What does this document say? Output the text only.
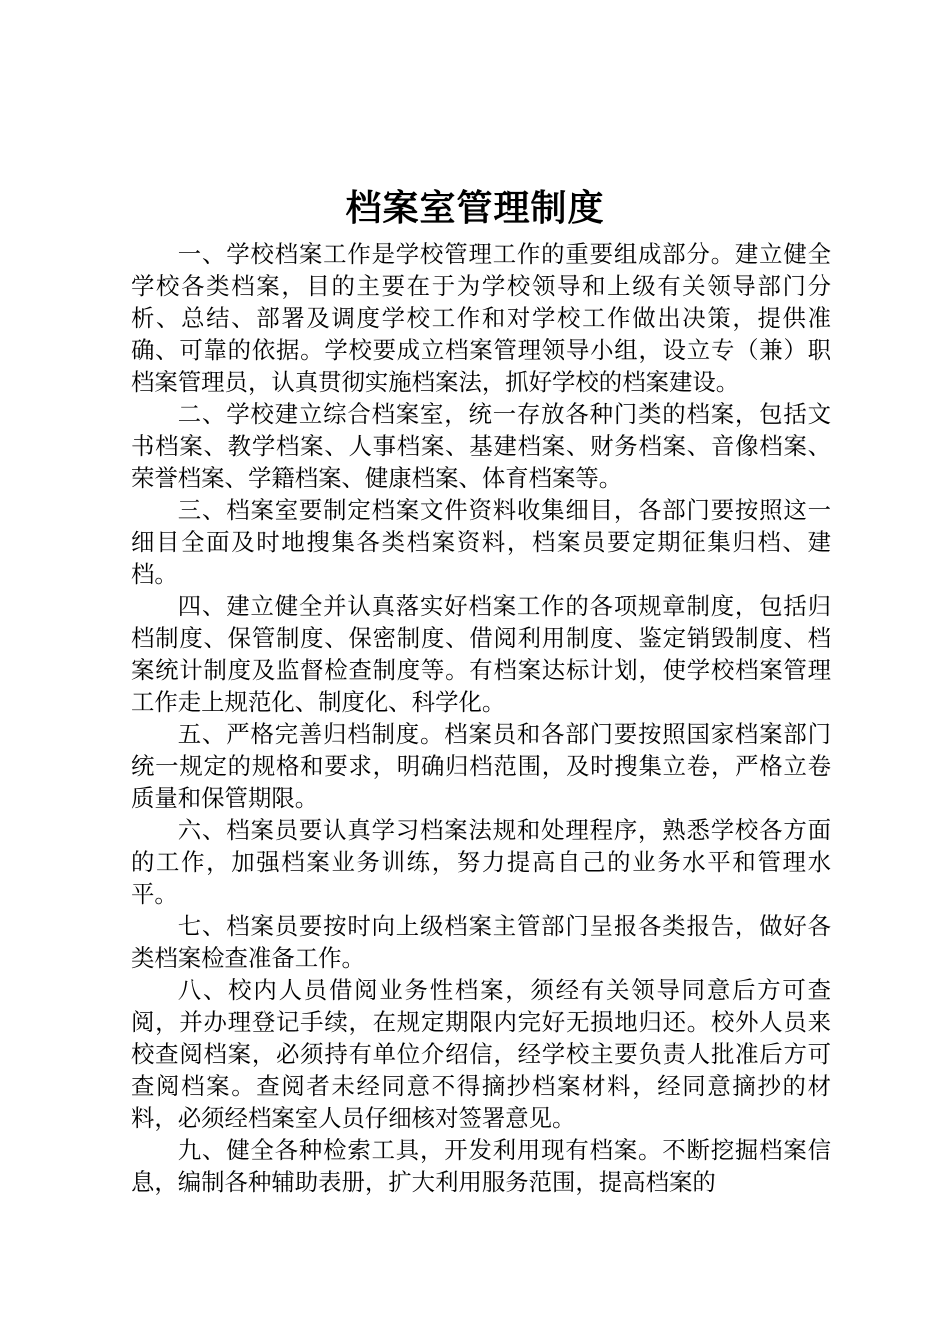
档案室管理制度

一、学校档案工作是学校管理工作的重要组成部分。建立健全学校各类档案，目的主要在于为学校领导和上级有关领导部门分析、总结、部署及调度学校工作和对学校工作做出决策，提供准确、可靠的依据。学校要成立档案管理领导小组，设立专（兼）职档案管理员，认真贯彻实施档案法，抓好学校的档案建设。

二、学校建立综合档案室，统一存放各种门类的档案，包括文书档案、教学档案、人事档案、基建档案、财务档案、音像档案、荣誉档案、学籍档案、健康档案、体育档案等。

三、档案室要制定档案文件资料收集细目，各部门要按照这一细目全面及时地搜集各类档案资料，档案员要定期征集归档、建档。

四、建立健全并认真落实好档案工作的各项规章制度，包括归档制度、保管制度、保密制度、借阅利用制度、鉴定销毁制度、档案统计制度及监督检查制度等。有档案达标计划，使学校档案管理工作走上规范化、制度化、科学化。

五、严格完善归档制度。档案员和各部门要按照国家档案部门统一规定的规格和要求，明确归档范围，及时搜集立卷，严格立卷质量和保管期限。

六、档案员要认真学习档案法规和处理程序，熟悉学校各方面的工作，加强档案业务训练，努力提高自己的业务水平和管理水平。

七、档案员要按时向上级档案主管部门呈报各类报告，做好各类档案检查准备工作。

八、校内人员借阅业务性档案，须经有关领导同意后方可查阅，并办理登记手续，在规定期限内完好无损地归还。校外人员来校查阅档案，必须持有单位介绍信，经学校主要负责人批准后方可查阅档案。查阅者未经同意不得摘抄档案材料，经同意摘抄的材料，必须经档案室人员仔细核对签署意见。

九、健全各种检索工具，开发利用现有档案。不断挖掘档案信息，编制各种辅助表册，扩大利用服务范围，提高档案的
